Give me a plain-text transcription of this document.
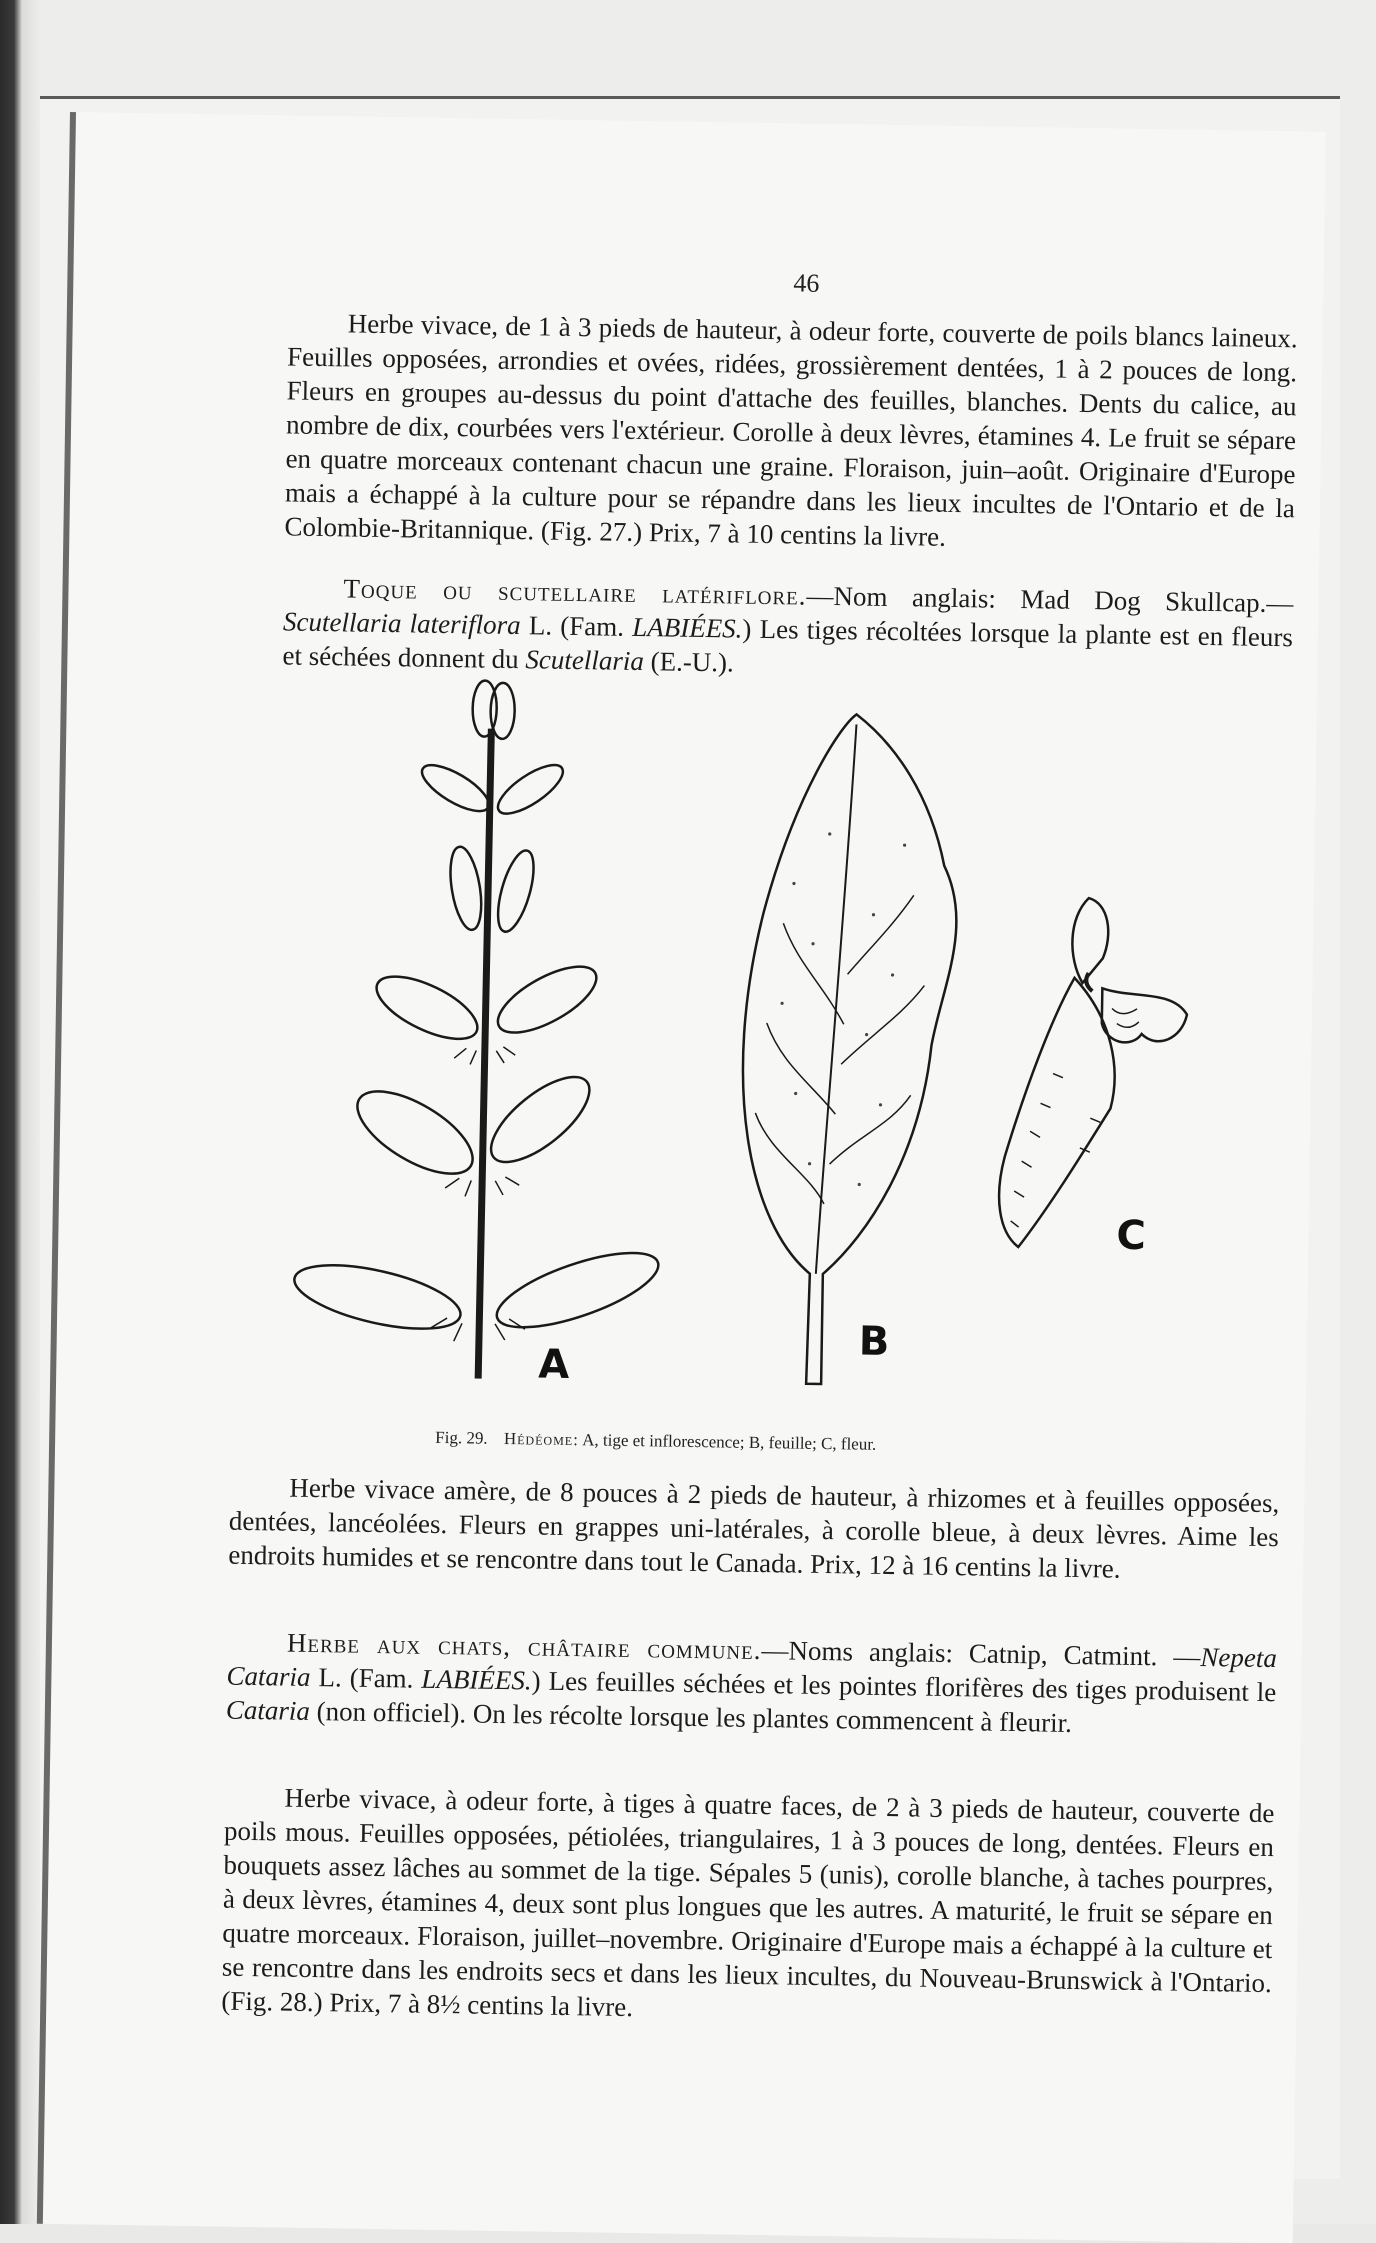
46

Herbe vivace, de 1 à 3 pieds de hauteur, à odeur forte, couverte de poils blancs laineux. Feuilles opposées, arrondies et ovées, ridées, grossièrement dentées, 1 à 2 pouces de long. Fleurs en groupes au-dessus du point d'attache des feuilles, blanches. Dents du calice, au nombre de dix, courbées vers l'extérieur. Corolle à deux lèvres, étamines 4. Le fruit se sépare en quatre morceaux contenant chacun une graine. Floraison, juin–août. Originaire d'Europe mais a échappé à la culture pour se répandre dans les lieux incultes de l'Ontario et de la Colombie-Britannique. (Fig. 27.) Prix, 7 à 10 centins la livre.

Toque ou scutellaire latériflore.—Nom anglais: Mad Dog Skullcap.— Scutellaria lateriflora L. (Fam. LABIÉES.) Les tiges récoltées lorsque la plante est en fleurs et séchées donnent du Scutellaria (E.-U.).

A	B
C
Fig. 29. Hédéome: A, tige et inflorescence; B, feuille; C, fleur.

Herbe vivace amère, de 8 pouces à 2 pieds de hauteur, à rhizomes et à feuilles opposées, dentées, lancéolées. Fleurs en grappes uni-latérales, à corolle bleue, à deux lèvres. Aime les endroits humides et se rencontre dans tout le Canada. Prix, 12 à 16 centins la livre.

Herbe aux chats, châtaire commune.—Noms anglais: Catnip, Catmint. —Nepeta Cataria L. (Fam. LABIÉES.) Les feuilles séchées et les pointes florifères des tiges produisent le Cataria (non officiel). On les récolte lorsque les plantes commencent à fleurir.

Herbe vivace, à odeur forte, à tiges à quatre faces, de 2 à 3 pieds de hauteur, couverte de poils mous. Feuilles opposées, pétiolées, triangulaires, 1 à 3 pouces de long, dentées. Fleurs en bouquets assez lâches au sommet de la tige. Sépales 5 (unis), corolle blanche, à taches pourpres, à deux lèvres, étamines 4, deux sont plus longues que les autres. A maturité, le fruit se sépare en quatre morceaux. Floraison, juillet–novembre. Originaire d'Europe mais a échappé à la culture et se rencontre dans les endroits secs et dans les lieux incultes, du Nouveau-Brunswick à l'Ontario. (Fig. 28.) Prix, 7 à 8½ centins la livre.
